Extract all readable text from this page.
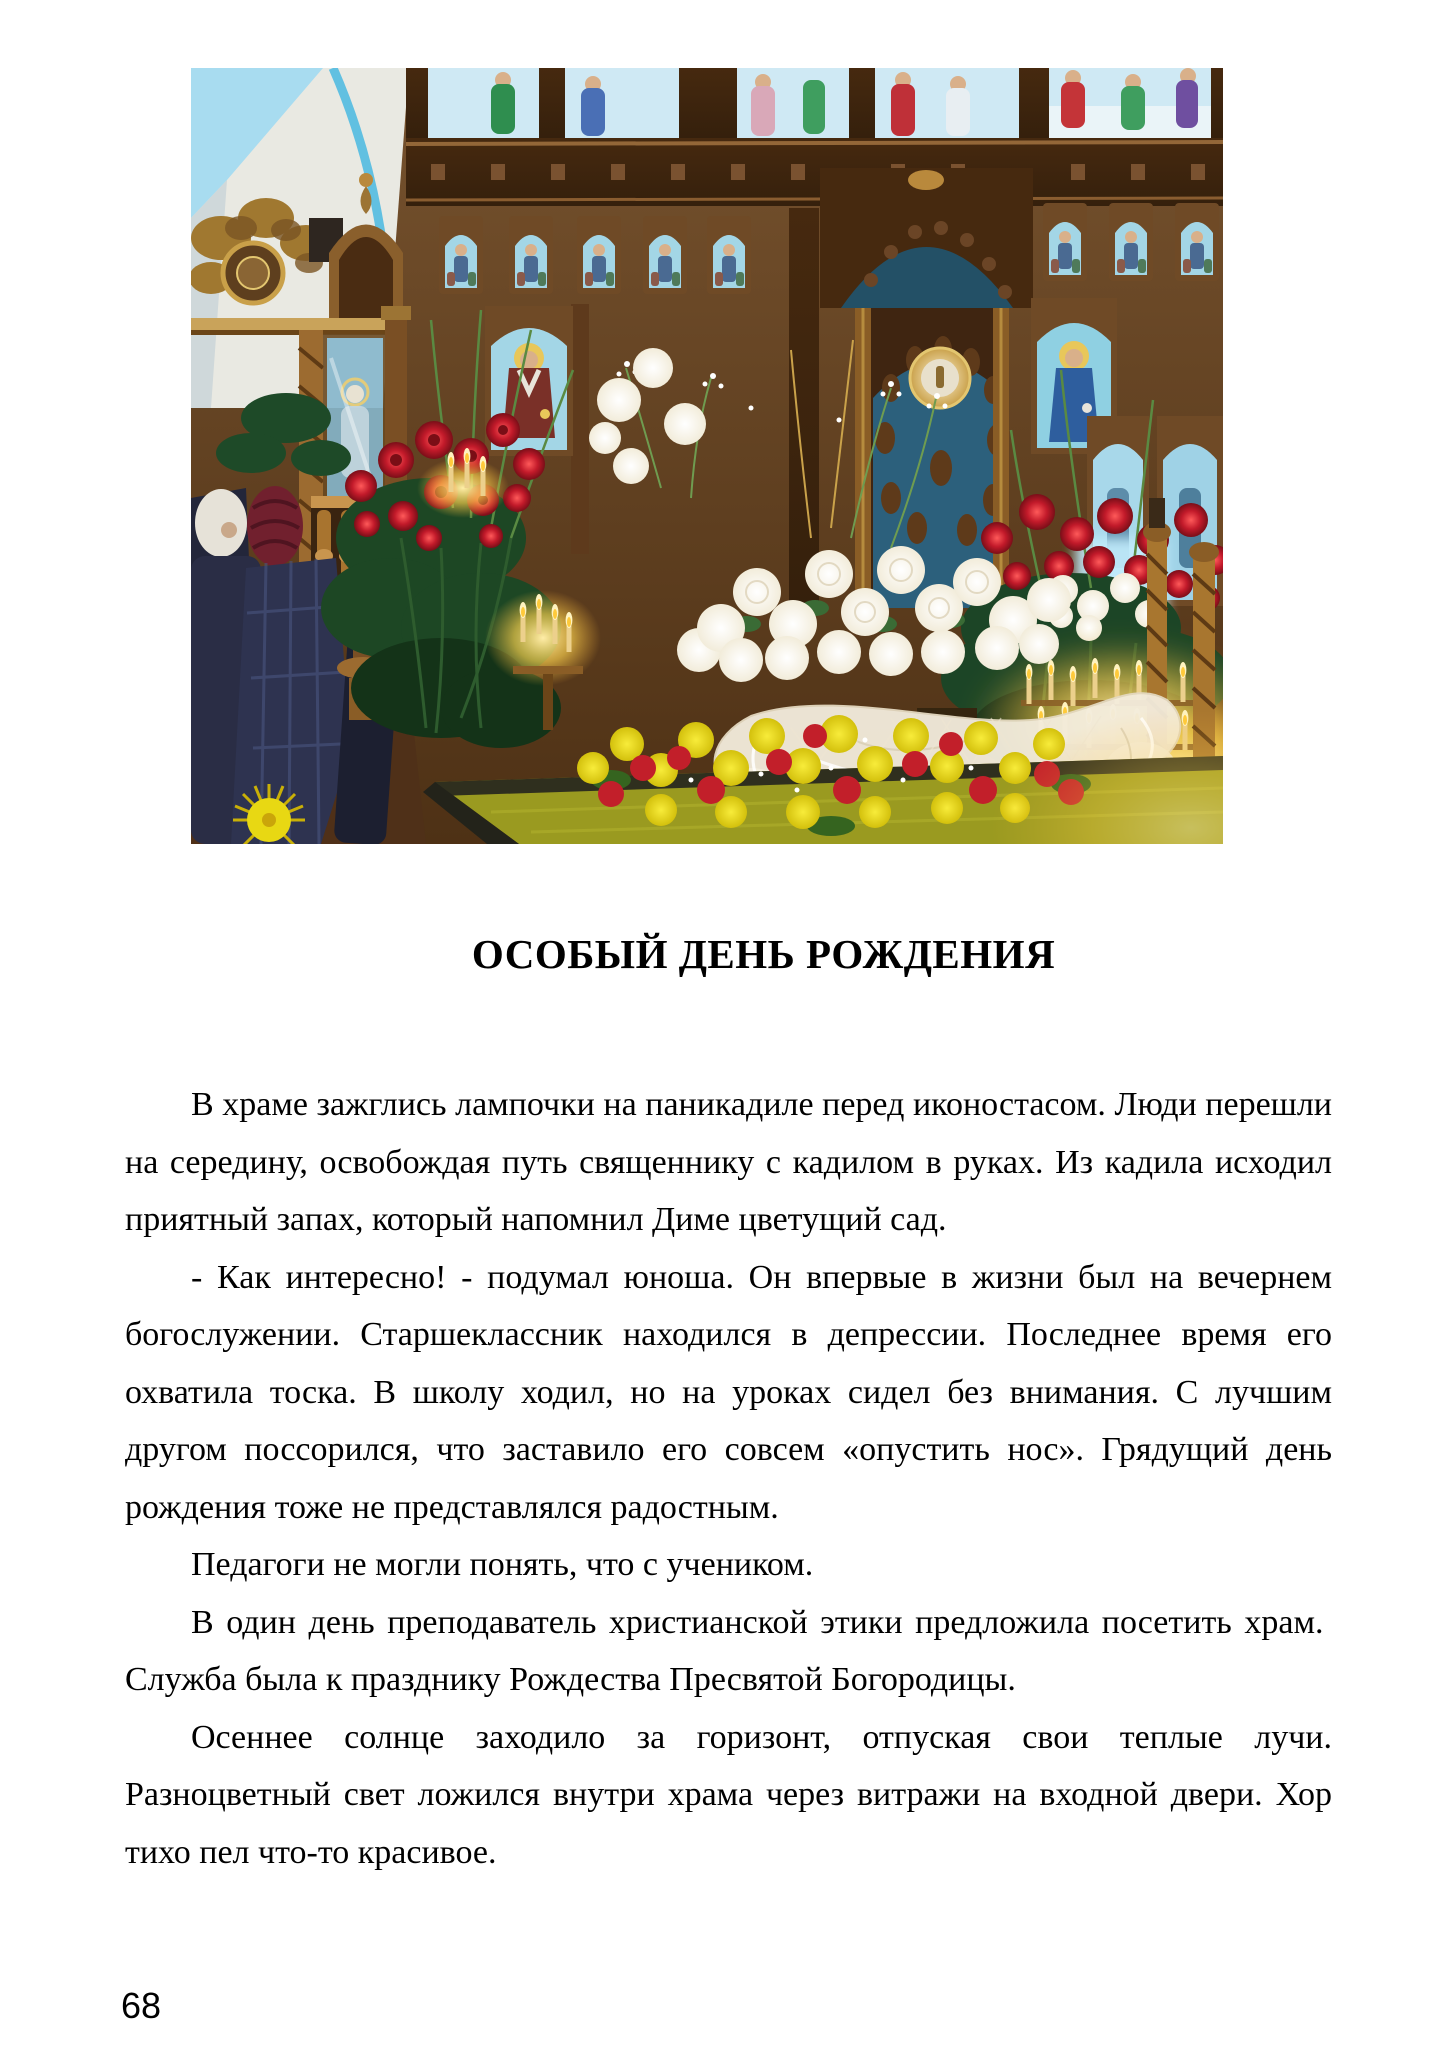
ОСОБЫЙ ДЕНЬ РОЖДЕНИЯ

В храме зажглись лампочки на паникадиле перед иконостасом. Люди перешли на середину, освобождая путь священнику с кадилом в руках. Из кадила исходил приятный запах, который напомнил Диме цветущий сад.

- Как интересно! - подумал юноша. Он впервые в жизни был на вечернем богослужении. Старшеклассник находился в депрессии. Последнее время его охватила тоска. В школу ходил, но на уроках сидел без внимания. С лучшим другом поссорился, что заставило его совсем «опустить нос». Грядущий день рождения тоже не представлялся радостным.

Педагоги не могли понять, что с учеником.

В один день преподаватель христианской этики предложила посетить храм.  Служба была к празднику Рождества Пресвятой Богородицы.

Осеннее солнце заходило за горизонт, отпуская свои теплые лучи. Разноцветный свет ложился внутри храма через витражи на входной двери. Хор тихо пел что-то красивое.

68
